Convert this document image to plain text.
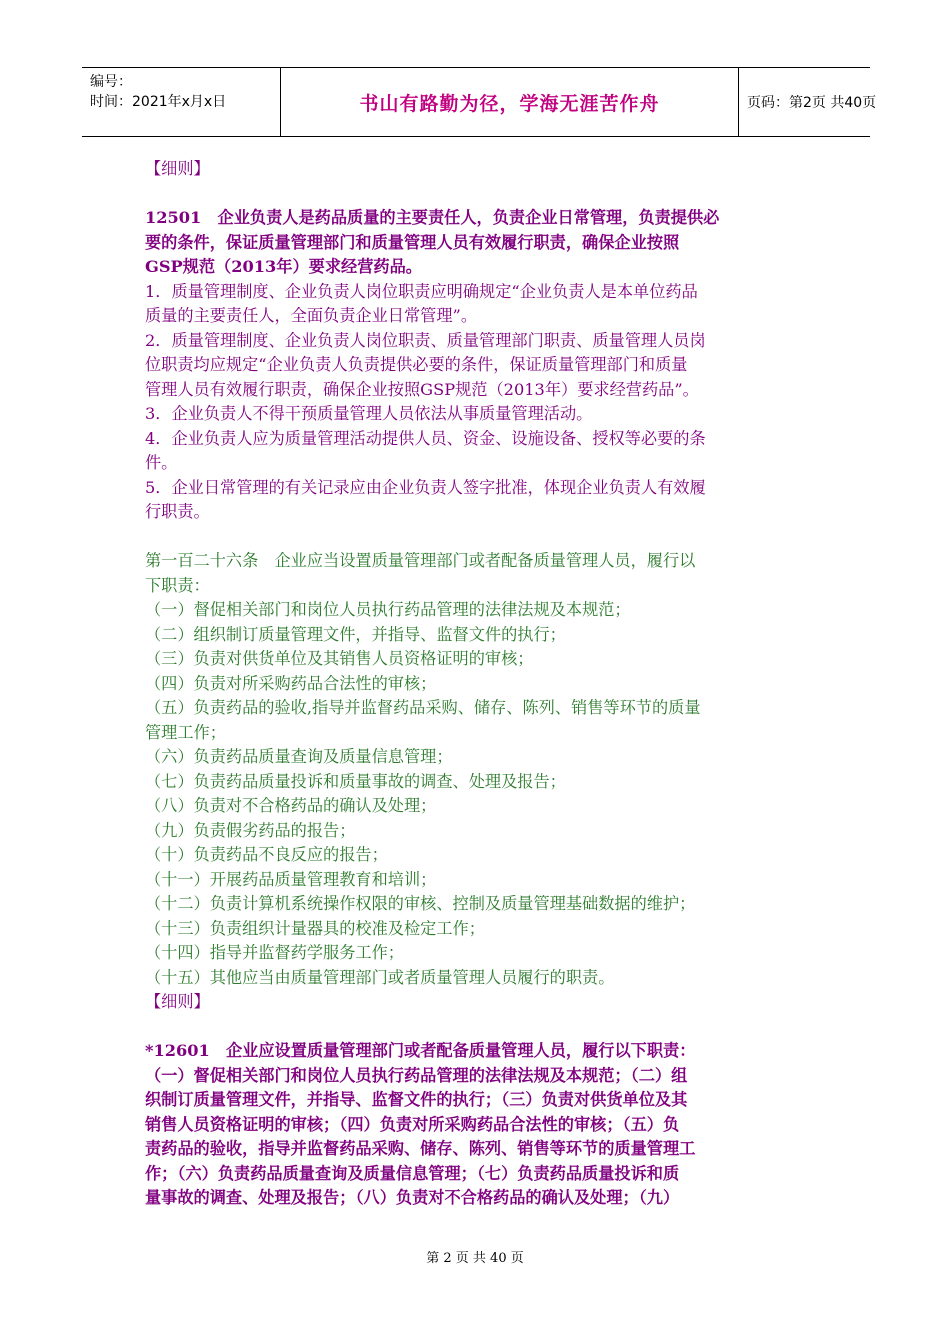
编号：
时间：2021年x月x日	书山有路勤为径，学海无涯苦作舟	页码：第2页 共40页

【细则】

12501　企业负责人是药品质量的主要责任人，负责企业日常管理，负责提供必

要的条件，保证质量管理部门和质量管理人员有效履行职责，确保企业按照

GSP规范（2013年）要求经营药品。

1．质量管理制度、企业负责人岗位职责应明确规定“企业负责人是本单位药品

质量的主要责任人，全面负责企业日常管理”。

2．质量管理制度、企业负责人岗位职责、质量管理部门职责、质量管理人员岗

位职责均应规定“企业负责人负责提供必要的条件，保证质量管理部门和质量

管理人员有效履行职责，确保企业按照GSP规范（2013年）要求经营药品”。

3．企业负责人不得干预质量管理人员依法从事质量管理活动。

4．企业负责人应为质量管理活动提供人员、资金、设施设备、授权等必要的条

件。

5．企业日常管理的有关记录应由企业负责人签字批准，体现企业负责人有效履

行职责。

第一百二十六条　企业应当设置质量管理部门或者配备质量管理人员，履行以

下职责：

（一）督促相关部门和岗位人员执行药品管理的法律法规及本规范；

（二）组织制订质量管理文件，并指导、监督文件的执行；

（三）负责对供货单位及其销售人员资格证明的审核；

（四）负责对所采购药品合法性的审核；

（五）负责药品的验收,指导并监督药品采购、储存、陈列、销售等环节的质量

管理工作；

（六）负责药品质量查询及质量信息管理；

（七）负责药品质量投诉和质量事故的调查、处理及报告；

（八）负责对不合格药品的确认及处理；

（九）负责假劣药品的报告；

（十）负责药品不良反应的报告；

（十一）开展药品质量管理教育和培训；

（十二）负责计算机系统操作权限的审核、控制及质量管理基础数据的维护；

（十三）负责组织计量器具的校准及检定工作；

（十四）指导并监督药学服务工作；

（十五）其他应当由质量管理部门或者质量管理人员履行的职责。

【细则】

*12601　企业应设置质量管理部门或者配备质量管理人员，履行以下职责：

（一）督促相关部门和岗位人员执行药品管理的法律法规及本规范；（二）组

织制订质量管理文件，并指导、监督文件的执行；（三）负责对供货单位及其

销售人员资格证明的审核；（四）负责对所采购药品合法性的审核；（五）负

责药品的验收，指导并监督药品采购、储存、陈列、销售等环节的质量管理工

作；（六）负责药品质量查询及质量信息管理；（七）负责药品质量投诉和质

量事故的调查、处理及报告；（八）负责对不合格药品的确认及处理；（九）

第 2 页 共 40 页
